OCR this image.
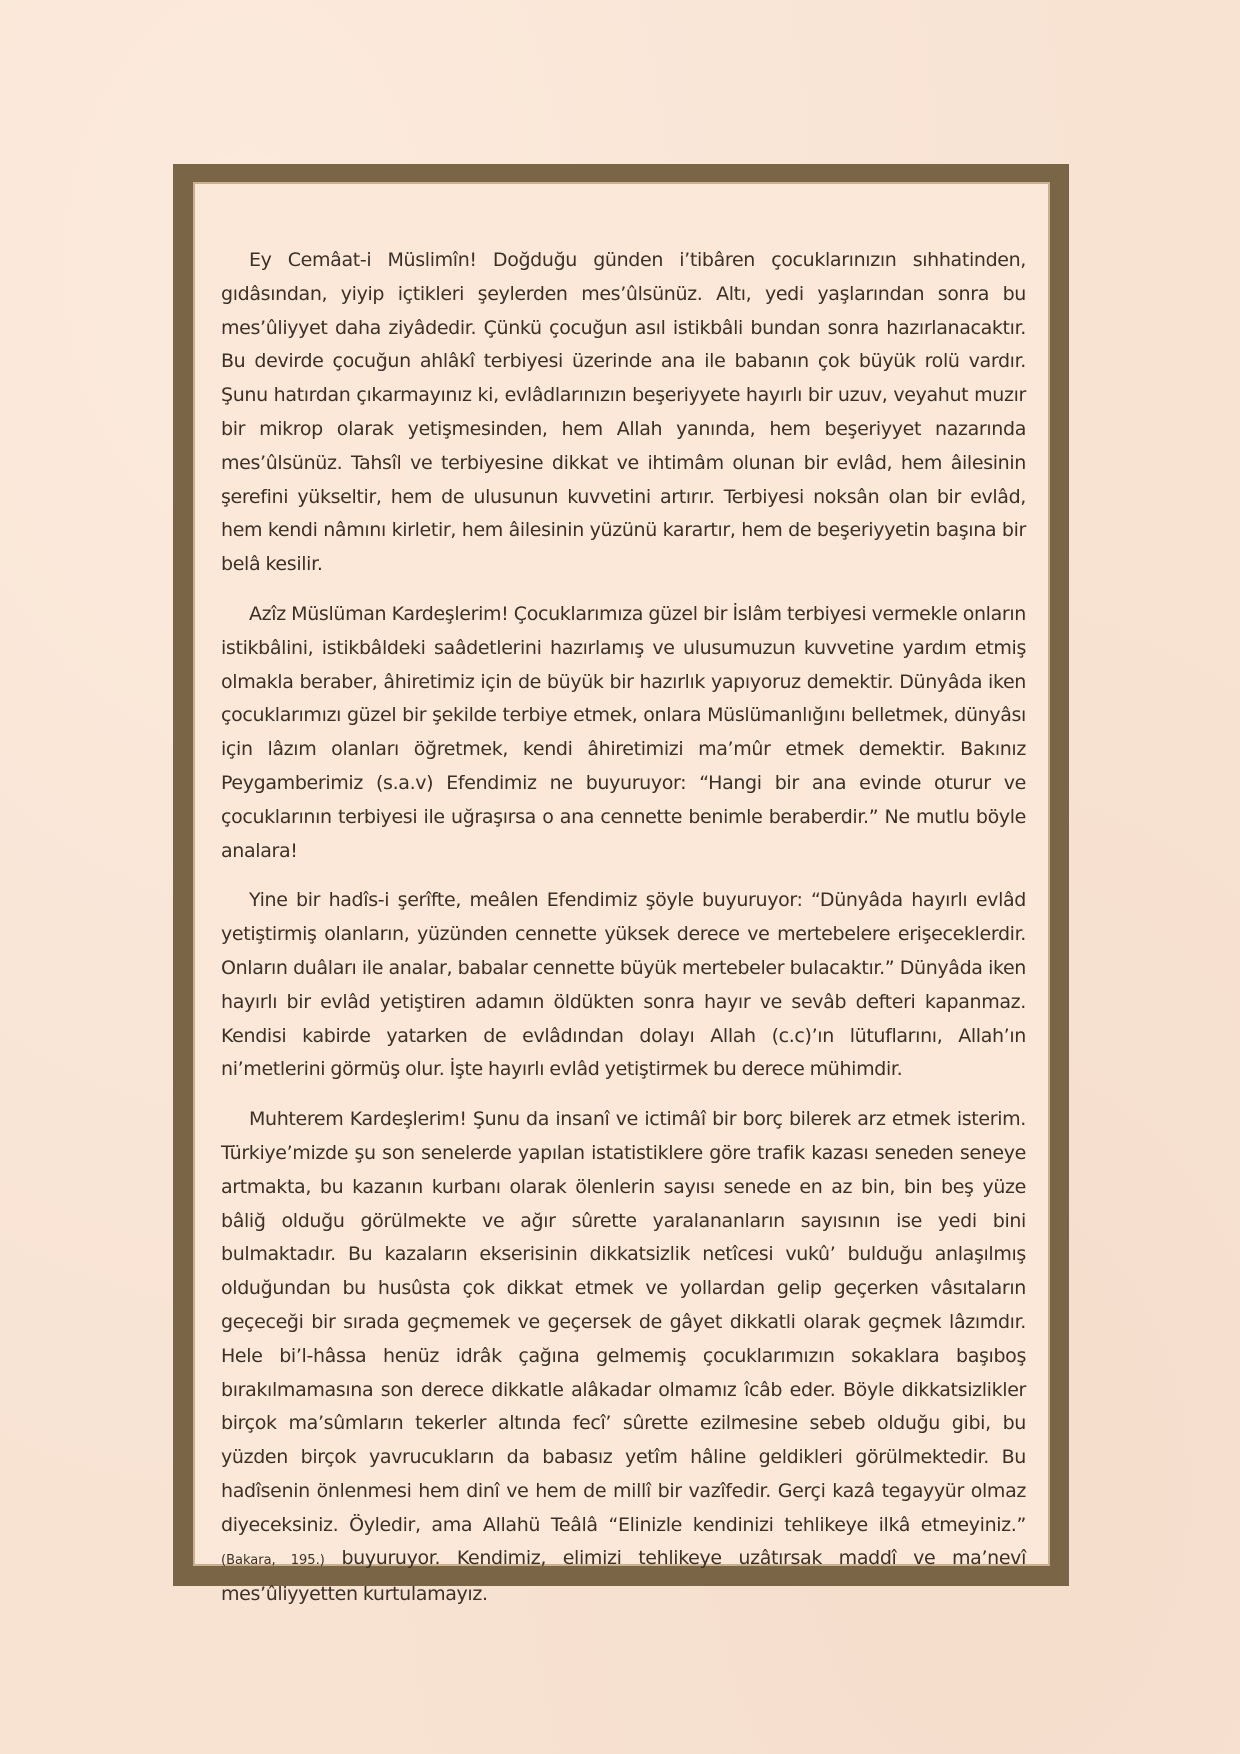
Ey Cemâat-i Müslimîn! Doğduğu günden i’tibâren çocuklarınızın sıhhatinden, gıdâsından, yiyip içtikleri şeylerden mes’ûlsünüz. Altı, yedi yaşlarından sonra bu mes’ûliyyet daha ziyâdedir. Çünkü çocuğun asıl istikbâli bundan sonra hazırlanacaktır. Bu devirde çocuğun ahlâkî terbiyesi üzerinde ana ile babanın çok büyük rolü vardır. Şunu hatırdan çıkarmayınız ki, evlâdlarınızın beşeriyyete hayırlı bir uzuv, veyahut muzır bir mikrop olarak yetişmesinden, hem Allah yanında, hem beşeriyyet nazarında mes’ûlsünüz. Tahsîl ve terbiyesine dikkat ve ihtimâm olunan bir evlâd, hem âilesinin şerefini yükseltir, hem de ulusunun kuvvetini artırır. Terbiyesi noksân olan bir evlâd, hem kendi nâmını kirletir, hem âilesinin yüzünü karartır, hem de beşeriyyetin başına bir belâ kesilir.

Azîz Müslüman Kardeşlerim! Çocuklarımıza güzel bir İslâm terbiyesi vermekle onların istikbâlini, istikbâldeki saâdetlerini hazırlamış ve ulusumuzun kuvvetine yardım etmiş olmakla beraber, âhiretimiz için de büyük bir hazırlık yapıyoruz demektir. Dünyâda iken çocuklarımızı güzel bir şekilde terbiye etmek, onlara Müslümanlığını belletmek, dünyâsı için lâzım olanları öğretmek, kendi âhiretimizi ma’mûr etmek demektir. Bakınız Peygamberimiz (s.a.v) Efendimiz ne buyuruyor: “Hangi bir ana evinde oturur ve çocuklarının terbiyesi ile uğraşırsa o ana cennette benimle beraberdir.” Ne mutlu böyle analara!

Yine bir hadîs-i şerîfte, meâlen Efendimiz şöyle buyuruyor: “Dünyâda hayırlı evlâd yetiştirmiş olanların, yüzünden cennette yüksek derece ve mertebelere erişeceklerdir. Onların duâları ile analar, babalar cennette büyük mertebeler bulacaktır.” Dünyâda iken hayırlı bir evlâd yetiştiren adamın öldükten sonra hayır ve sevâb defteri kapanmaz. Kendisi kabirde yatarken de evlâdından dolayı Allah (c.c)’ın lütuflarını, Allah’ın ni’metlerini görmüş olur. İşte hayırlı evlâd yetiştirmek bu derece mühimdir.

Muhterem Kardeşlerim! Şunu da insanî ve ictimâî bir borç bilerek arz etmek isterim. Türkiye’mizde şu son senelerde yapılan istatistiklere göre trafik kazası seneden seneye artmakta, bu kazanın kurbanı olarak ölenlerin sayısı senede en az bin, bin beş yüze bâliğ olduğu görülmekte ve ağır sûrette yaralananların sayısının ise yedi bini bulmaktadır. Bu kazaların ekserisinin dikkatsizlik netîcesi vukû’ bulduğu anlaşılmış olduğundan bu husûsta çok dikkat etmek ve yollardan gelip geçerken vâsıtaların geçeceği bir sırada geçmemek ve geçersek de gâyet dikkatli olarak geçmek lâzımdır. Hele bi’l-hâssa henüz idrâk çağına gelmemiş çocuklarımızın sokaklara başıboş bırakılmamasına son derece dikkatle alâkadar olmamız îcâb eder. Böyle dikkatsizlikler birçok ma’sûmların tekerler altında fecî’ sûrette ezilmesine sebeb olduğu gibi, bu yüzden birçok yavrucukların da babasız yetîm hâline geldikleri görülmektedir. Bu hadîsenin önlenmesi hem dinî ve hem de millî bir vazîfedir. Gerçi kazâ tegayyür olmaz diyeceksiniz. Öyledir, ama Allahü Teâlâ “Elinizle kendinizi tehlikeye ilkâ etmeyiniz.” (Bakara, 195.) buyuruyor. Kendimiz, elimizi tehlikeye uzâtırsak maddî ve ma’nevî mes’ûliyyetten kurtulamayız.
